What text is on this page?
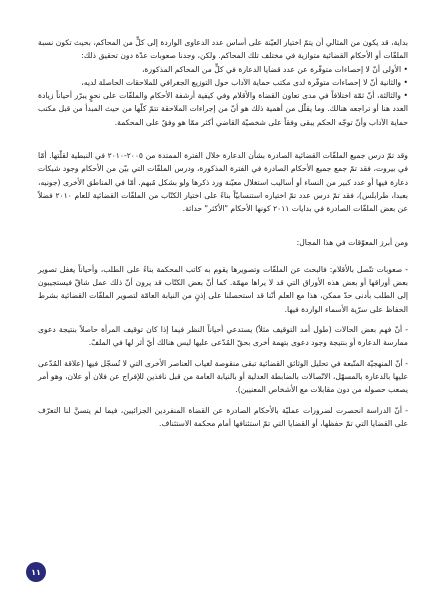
بداية، قد يكون من المثالي أن يتمّ اختيار العيّنة على أساس عدد الدعاوى الواردة إلى كلٍّ من المحاكم، بحيث تكون نسبة الملفّات أو الأحكام القضائية متوازية في مختلف تلك المحاكم. ولكن، وجدنا صعوبات عدّة دون تحقيق ذلك:

• الأولى أنّ لا إحصاءات متوفّرة عن عدد قضايا الدعارة في كلٍّ من المحاكم المذكورة،

• والثانية أنّ لا إحصاءات متوفّرة لدى مكتب حماية الآداب حول التوزيع الجغرافي للملاحقات الحاصلة لديه،

• والثالثة، أنّ ثمّة اختلافاً في مدى تعاون القضاة والأقلام وفي كيفية أرشفة الأحكام والملفّات على نحوٍ يبرّر أحياناً زيادة العدد هنا أو تراجعه هنالك. وما يقلّل من أهمية ذلك هو أنّ من إجراءات الملاحقة تتمّ كلّها من حيث المبدأ من قبل مكتب حماية الآداب وأنّ توجّه الحكم يبقى وفقاً على شخصيّة القاضي أكثر ممّا هو وفقٌ على المحكمة.

وقد تمّ درس جميع الملفّات القضائية الصادرة بشأن الدعارة خلال الفترة الممتدة من ٢٠٠٥-٢٠١٠ في النبطية لقلّتها. أمّا في بيروت، فقد تمّ جمع جميع الأحكام الصادرة في الفترة المذكورة، ودرس الملفّات التي بيّن من الأحكام وجود شبكات دعارة فيها أو عدد كبير من النساء أو أساليب استغلال معيّنة ورد ذكرها ولو بشكل مُبهم. أمّا في المناطق الأخرى (جونيه، بعبدا، طرابلس)، فقد تمّ درس عدد تمّ اختياره استنسابيّاً بناءً على اختيار الكتّاب من الملفّات القضائية للعام ٢٠١٠ فضلاً عن بعض الملفّات الصادرة في بدايات ٢٠١١ كونها الأحكام "الأكثر" حداثة.

ومن أبرز المعوّقات في هذا المجال:

- صعوبات تتّصل بالأقلام: فالبحث عن الملفّات وتصويرها يقوم به كاتب المحكمة بناءً على الطلب، وأحياناً يغفل تصوير بعض أوراقها أو بعض هذه الأوراق التي قد لا يراها مهمّة. كما أنّ بعض الكتّاب قد يرون أنّ ذلك عمل شاقّ فيستجيبون إلى الطلب بأدنى حدّ ممكن، هذا مع العلم أنّنا قد استحصلنا على إذنٍ من النيابة العامّة لتصوير الملفّات القضائية بشرط الحفاظ على سرّية الأسماء الواردة فيها.

- أنّ فهم بعض الحالات (طول أمد التوقيف مثلاً) يستدعي أحياناً النظر فيما إذا كان توقيف المرأة حاصلاً بنتيجة دعوى ممارسة الدعارة أو بنتيجة وجود دعوى بتهمة أخرى بحقّ المُدّعى عليها ليس هنالك أيّ أثر لها في الملفّ.

- أنّ المنهجيّة المتّبعة في تحليل الوثائق القضائية تبقى منقوصة لغياب العناصر الأخرى التي لا تُسجّل فيها (علاقة المُدّعى عليها بالدعارة بالمسهّل، الاتّصالات بالضابطة العدلية أو بالنيابة العامة من قبل نافذين للإفراج عن فلان أو علان، وهو أمر يصعب حصوله من دون مقابلات مع الأشخاص المعنيين).

- أنّ الدراسة انحصرت لضرورات عمليّة بالأحكام الصادرة عن القضاة المنفردين الجزائيين، فيما لم يتسنَّ لنا التعرّف على القضايا التي تمّ حفظها، أو القضايا التي تمّ استئنافها أمام محكمة الاستئناف.

١١
